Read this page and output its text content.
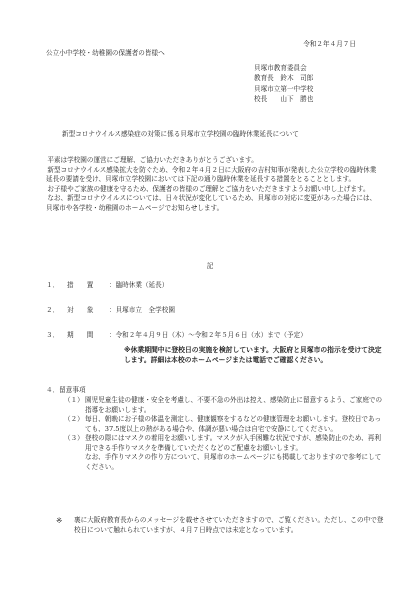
令和２年４月７日
公立小中学校・幼稚園の保護者の皆様へ
貝塚市教育委員会
教育長　鈴木　司郎
貝塚市立第一中学校
校長　　山下　勝也
新型コロナウイルス感染症の対策に係る貝塚市立学校園の臨時休業延長について
平素は学校園の運営にご理解、ご協力いただきありがとうございます。
新型コロナウイルス感染拡大を防ぐため、令和２年４月２日に大阪府の吉村知事が発表した公立学校の臨時休業延長の要請を受け、貝塚市立学校園においては下記の通り臨時休業を延長する措置をとることとします。
お子様やご家族の健康を守るため、保護者の皆様のご理解とご協力をいただきますようお願い申し上げます。
なお、新型コロナウイルスについては、日々状況が変化しているため、貝塚市の対応に変更があった場合には、貝塚市や各学校・幼稚園のホームページでお知らせします。
記
１． 措　　置 ：臨時休業（延長）
２． 対　　象 ：貝塚市立　全学校園
３． 期　　間 ：令和２年４月９日（木）～令和２年５月６日（水）まで（予定）
※休業期間中に登校日の実施を検討しています。大阪府と貝塚市の指示を受けて決定します。詳細は本校のホームページまたは電話でご確認ください。
４．留意事項
（１） 園児児童生徒の健康・安全を考慮し、不要不急の外出は控え、感染防止に留意するよう、ご家庭での指導をお願いします。
（２） 毎日、朝晩にお子様の体温を測定し、健康観察をするなどの健康管理をお願いします。登校日であっても、37.5度以上の熱がある場合や、体調が悪い場合は自宅で安静にしてください。
（３） 登校の際にはマスクの着用をお願いします。マスクが入手困難な状況ですが、感染防止のため、再利用できる手作りマスクを準備していただくなどのご配慮をお願いします。
なお、手作りマスクの作り方について、貝塚市のホームページにも掲載しておりますので参考にしてください。
※	裏に大阪府教育長からのメッセージを載せさせていただきますので、ご覧ください。ただし、この中で登校日について触れられていますが、４月７日時点では未定となっています。
